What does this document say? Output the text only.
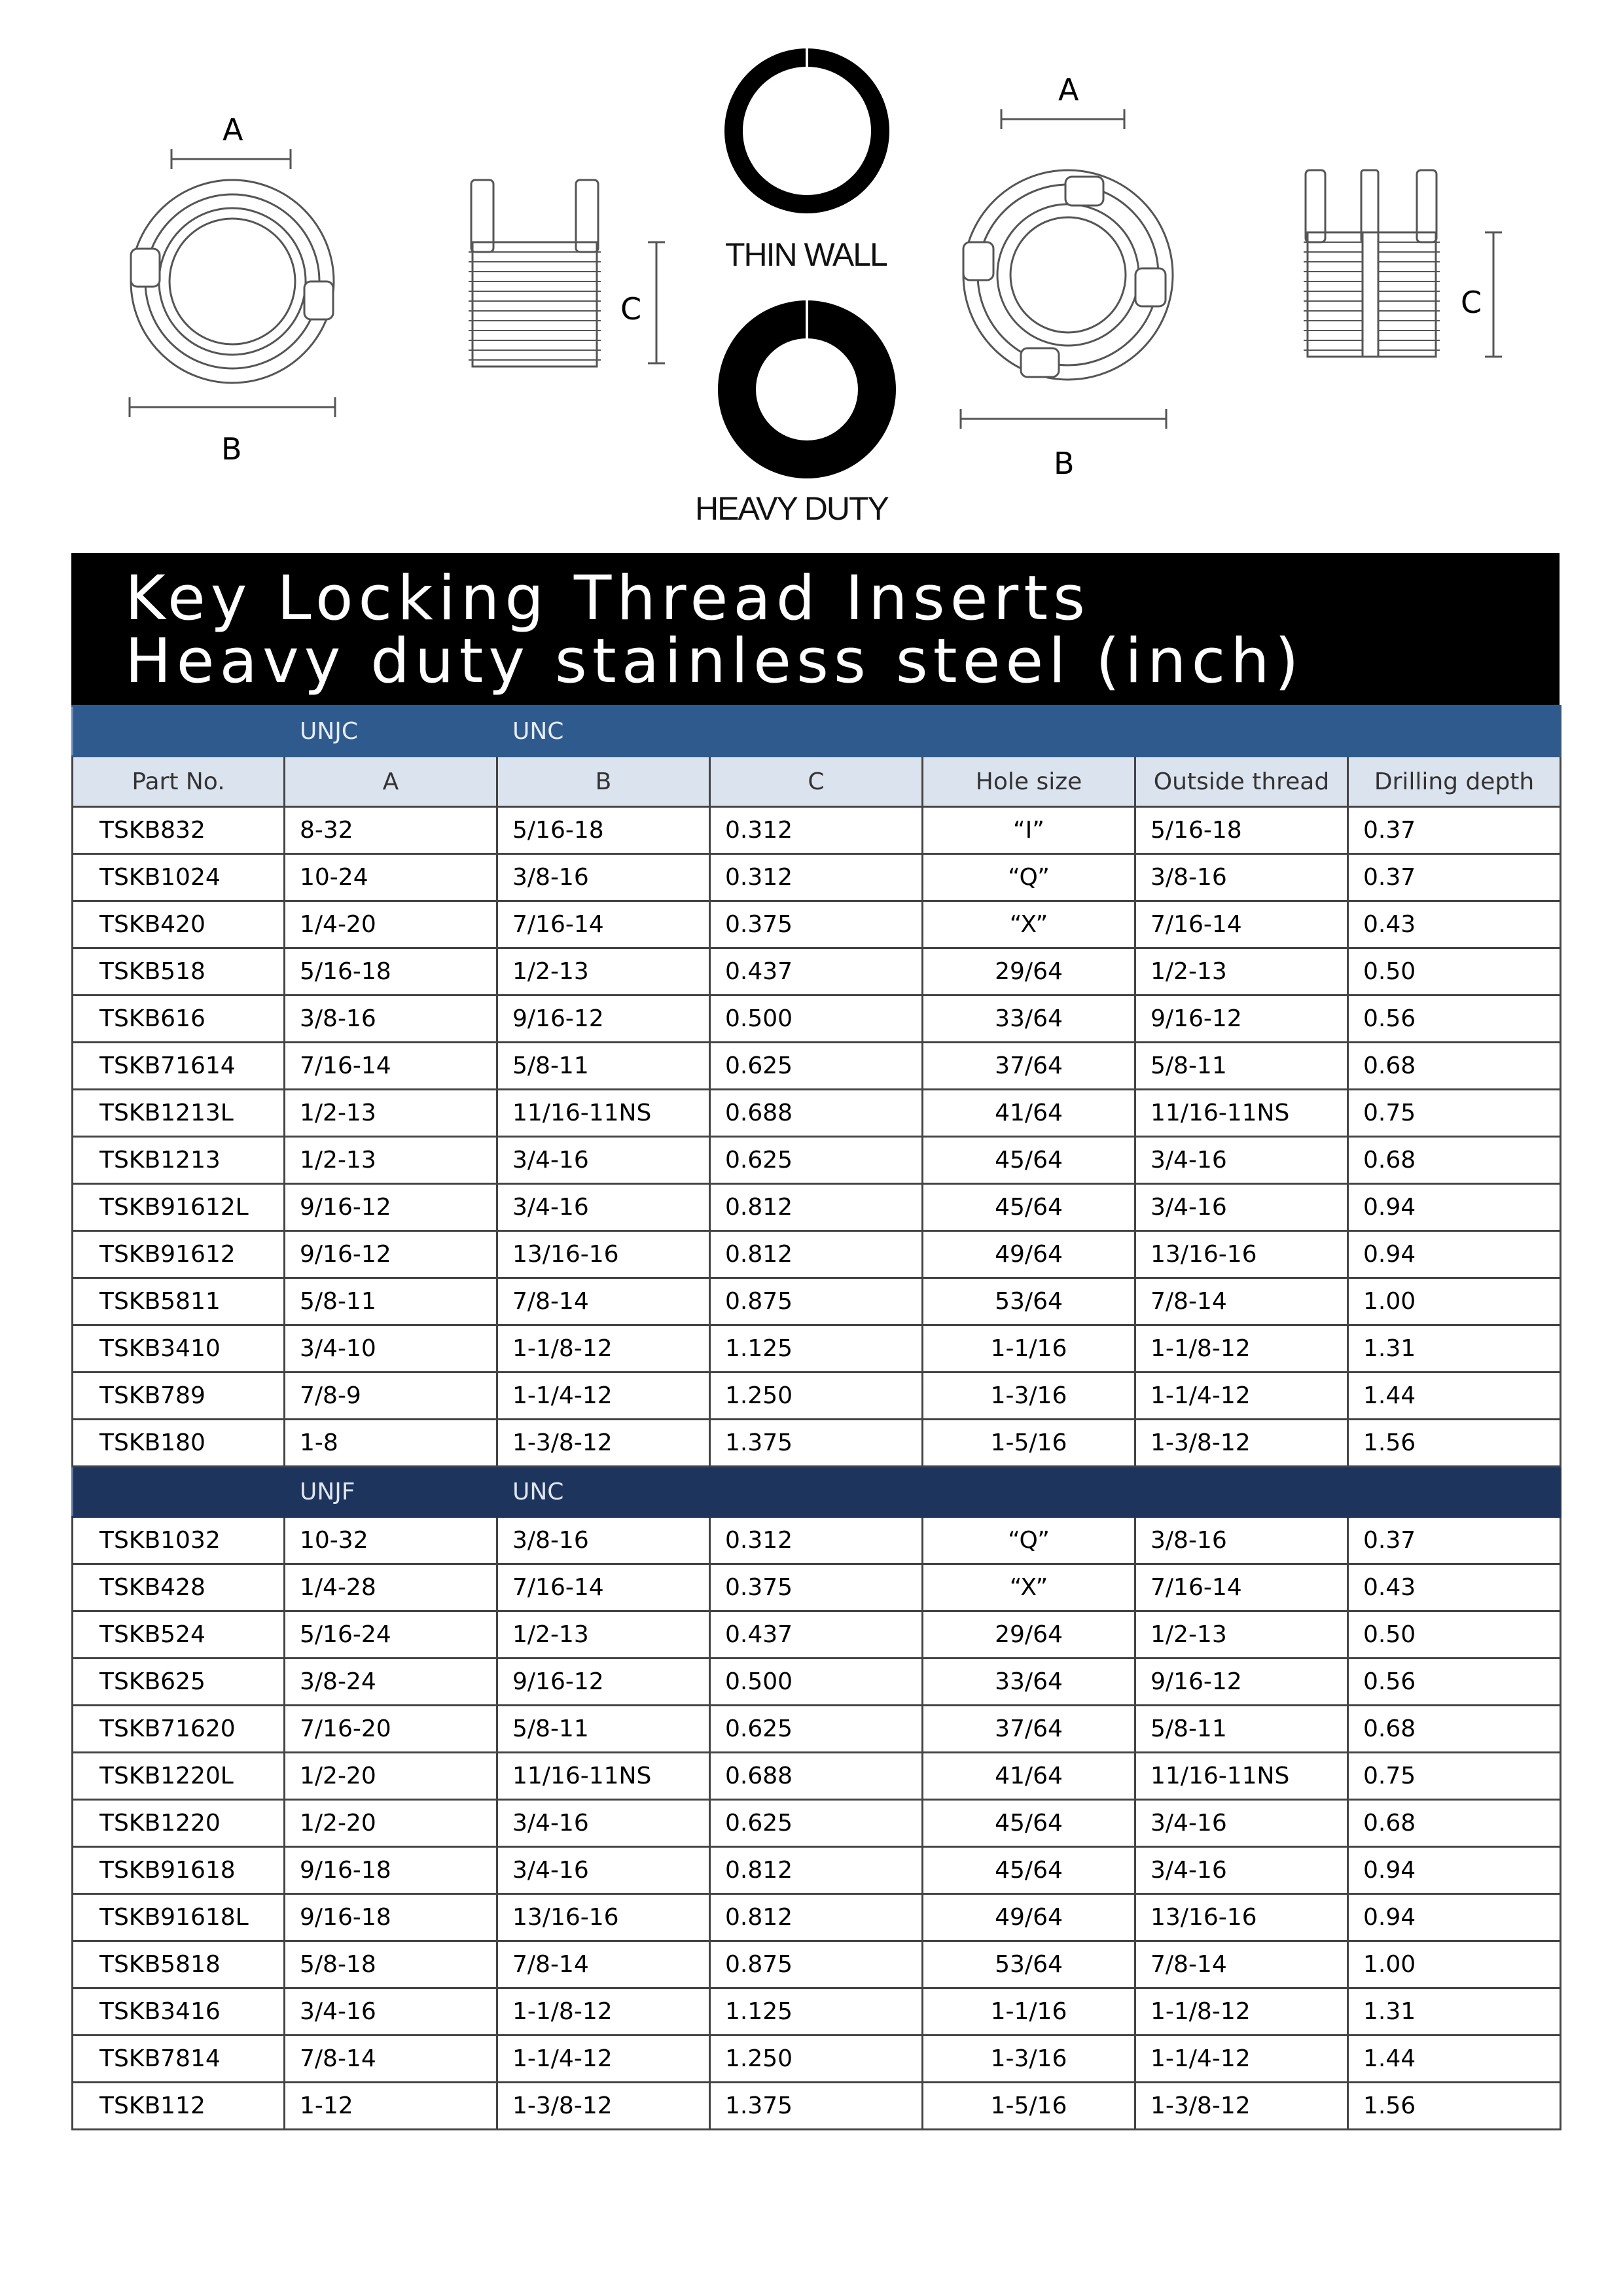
A
B
C
THIN WALL
HEAVY DUTY
A
B
C
Key Locking Thread Inserts
Heavy duty stainless steel (inch)
	UNJC	UNC				
Part No.	A	B	C	Hole size	Outside thread	Drilling depth
TSKB832	8-32	5/16-18	0.312	“I”	5/16-18	0.37
TSKB1024	10-24	3/8-16	0.312	“Q”	3/8-16	0.37
TSKB420	1/4-20	7/16-14	0.375	“X”	7/16-14	0.43
TSKB518	5/16-18	1/2-13	0.437	29/64	1/2-13	0.50
TSKB616	3/8-16	9/16-12	0.500	33/64	9/16-12	0.56
TSKB71614	7/16-14	5/8-11	0.625	37/64	5/8-11	0.68
TSKB1213L	1/2-13	11/16-11NS	0.688	41/64	11/16-11NS	0.75
TSKB1213	1/2-13	3/4-16	0.625	45/64	3/4-16	0.68
TSKB91612L	9/16-12	3/4-16	0.812	45/64	3/4-16	0.94
TSKB91612	9/16-12	13/16-16	0.812	49/64	13/16-16	0.94
TSKB5811	5/8-11	7/8-14	0.875	53/64	7/8-14	1.00
TSKB3410	3/4-10	1-1/8-12	1.125	1-1/16	1-1/8-12	1.31
TSKB789	7/8-9	1-1/4-12	1.250	1-3/16	1-1/4-12	1.44
TSKB180	1-8	1-3/8-12	1.375	1-5/16	1-3/8-12	1.56
	UNJF	UNC				
TSKB1032	10-32	3/8-16	0.312	“Q”	3/8-16	0.37
TSKB428	1/4-28	7/16-14	0.375	“X”	7/16-14	0.43
TSKB524	5/16-24	1/2-13	0.437	29/64	1/2-13	0.50
TSKB625	3/8-24	9/16-12	0.500	33/64	9/16-12	0.56
TSKB71620	7/16-20	5/8-11	0.625	37/64	5/8-11	0.68
TSKB1220L	1/2-20	11/16-11NS	0.688	41/64	11/16-11NS	0.75
TSKB1220	1/2-20	3/4-16	0.625	45/64	3/4-16	0.68
TSKB91618	9/16-18	3/4-16	0.812	45/64	3/4-16	0.94
TSKB91618L	9/16-18	13/16-16	0.812	49/64	13/16-16	0.94
TSKB5818	5/8-18	7/8-14	0.875	53/64	7/8-14	1.00
TSKB3416	3/4-16	1-1/8-12	1.125	1-1/16	1-1/8-12	1.31
TSKB7814	7/8-14	1-1/4-12	1.250	1-3/16	1-1/4-12	1.44
TSKB112	1-12	1-3/8-12	1.375	1-5/16	1-3/8-12	1.56
